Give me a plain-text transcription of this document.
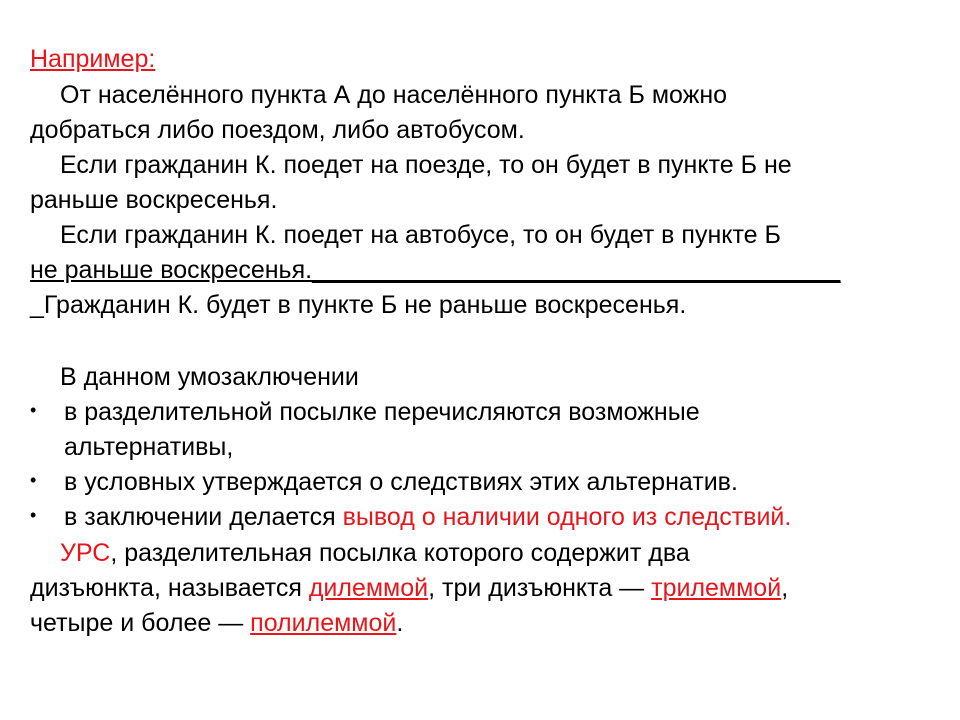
Например:
От населённого пункта А до населённого пункта Б можно
добраться либо поездом, либо автобусом.
Если гражданин К. поедет на поезде, то он будет в пункте Б не
раньше воскресенья.
Если гражданин К. поедет на автобусе, то он будет в пункте Б
не раньше воскресенья.______________________________________
_Гражданин К. будет в пункте Б не раньше воскресенья.
В данном умозаключении
• в разделительной посылке перечисляются возможные
альтернативы,
• в условных утверждается о следствиях этих альтернатив.
•в заключении делается вывод о наличии одного из следствий.
УРС, разделительная посылка которого содержит два
дизъюнкта, называется дилеммой, три дизъюнкта — трилеммой,
четыре и более — полилеммой.
